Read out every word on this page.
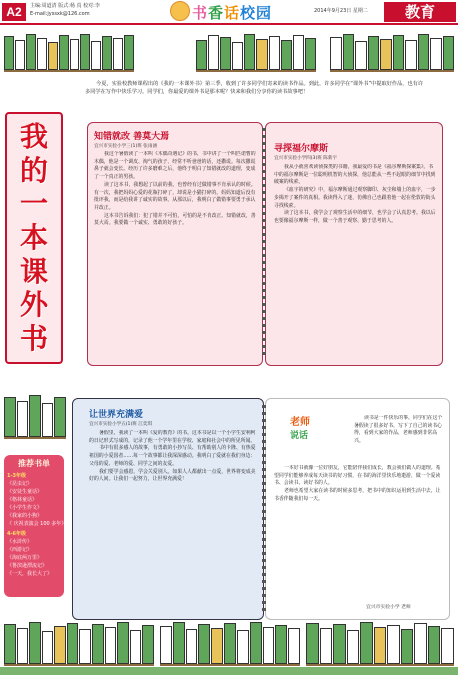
A2	主编:周道清 版式:杨 真 校对:李
E-mail:jyssxk@126.com	书香话校园	2014年9月23日 星期二	教育
今夏，实验校教师课程出的《我的一本课外书》第三季，收到了许多同学们寄来的读书作品。到此，许多同学在“课外书”中提取好作品，也有许多同学在写作中快乐学习。同学们，你最爱的课外书是那本呢？快来和我们分享你的读书故事吧！
我
的
一
本
课
外
书
推荐书单
1-3年级
《昆虫记》
《安徒生童话》
《格林童话》
《小学生作文》
《我家的小狗》
《 庆祝表演会 100 多年》
4-6年级
《水浒传》
《西游记》
《海底两万里》
《鲁滨逊漂流记》
《一天，我长大了》
知错就改 善莫大焉
宜兴市实验小学三(1)班 张雨涵

我这个暑假读了一本叫《木偶奇遇记》的书，书中讲了一个叫匹诺曹的木偶，他是一个调皮、淘气的孩子，经常不听爸爸的话，还撒谎。每次撒谎鼻子就会变长。经历了许多磨难之后，他终于明白了知错就改的道理，变成了一个真正的男孩。

读了这本书，我想起了以前的我，也曾经有过做错事不肯承认的时候。有一次，我把妈妈心爱的花瓶打碎了，却说是小猫打碎的。妈妈知道后没有批评我，而是给我讲了诚实的故事。从那以后，我明白了做错事要勇于承认并改正。

这本书告诉我们：犯了错并不可怕，可怕的是不肯改正。知错就改，善莫大焉。我要做一个诚实、勇敢的好孩子。

寻探福尔摩斯
宜兴市实验小学四(3)班 陈新宇

我从小就喜欢读侦探类的书籍，我最爱的书是《福尔摩斯探案集》。书中的福尔摩斯是一位聪明机智的大侦探，他总能从一些不起眼的细节中找到破案的线索。

《血字的研究》中，福尔摩斯通过观察脚印、灰尘和墙上的血字，一步步揭开了案件的真相。我读得入了迷，仿佛自己也跟着他一起在伦敦的街头寻找线索。

读了这本书，我学会了观察生活中的细节，也学会了认真思考。我以后也要像福尔摩斯一样，做一个善于观察、勤于思考的人。

让世界充满爱
宜兴市实验小学五(1)班 江奕琪

暑假里，我读了一本叫《爱的教育》的书。这本书是以一个小学生安利柯的日记形式写成的，记录了他一个学年里在学校、家庭和社会中的所见所闻。

书中有很多感人的故事，有勇敢的小抄写员、有帮助别人的卡隆、有热爱祖国的小爱国者……每一个故事都让我深深感动。我明白了爱就在我们身边：父母的爱、老师的爱、同学之间的友爱。

我们要学会感恩，学会关爱别人。如果人人都献出一点爱，世界将变成美好的人间。让我们一起努力，让世界充满爱！

读书是一件快乐的事。同学们在这个暑假读了很多好书，写下了自己的读书心得，看到大家的作品，老师感到非常高兴。

一本好书就像一位好朋友，它能陪伴我们成长，教会我们做人的道理。希望同学们能够养成每天读书的好习惯，在书的海洋里快乐地遨游，做一个爱读书、会读书、读好书的人。

老师也希望大家在读书的时候多思考，把书中的知识运用到生活中去，让书香伴随我们每一天。

宜兴市实验小学 老师
老师
说话
